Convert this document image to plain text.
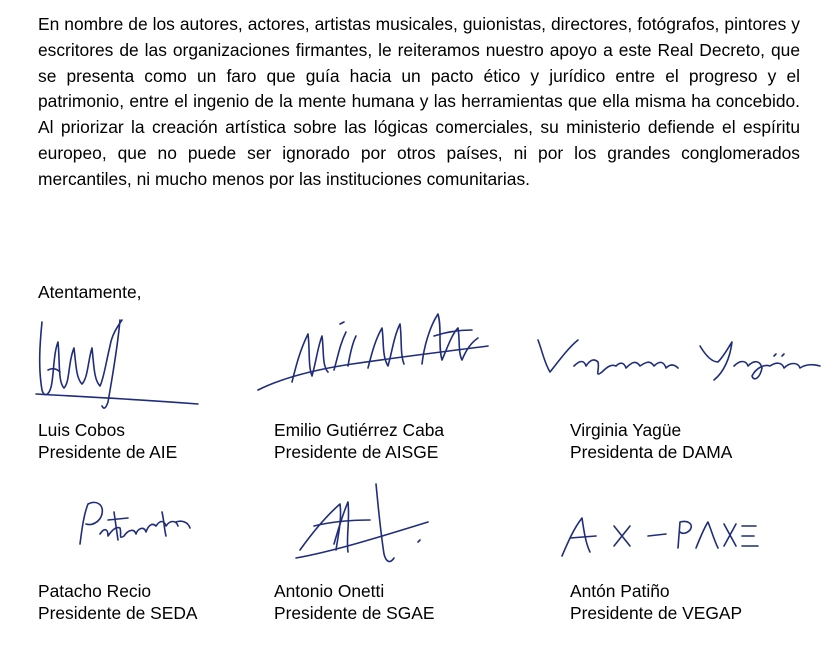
En nombre de los autores, actores, artistas musicales, guionistas, directores, fotógrafos, pintores y escritores de las organizaciones firmantes, le reiteramos nuestro apoyo a este Real Decreto, que se presenta como un faro que guía hacia un pacto ético y jurídico entre el progreso y el patrimonio, entre el ingenio de la mente humana y las herramientas que ella misma ha concebido. Al priorizar la creación artística sobre las lógicas comerciales, su ministerio defiende el espíritu europeo, que no puede ser ignorado por otros países, ni por los grandes conglomerados mercantiles, ni mucho menos por las instituciones comunitarias.

Atentamente,

Luis Cobos
Presidente de AIE
Emilio Gutiérrez Caba
Presidente de AISGE
Virginia Yagüe
Presidenta de DAMA
Patacho Recio
Presidente de SEDA
Antonio Onetti
Presidente de SGAE
Antón Patiño
Presidente de VEGAP
